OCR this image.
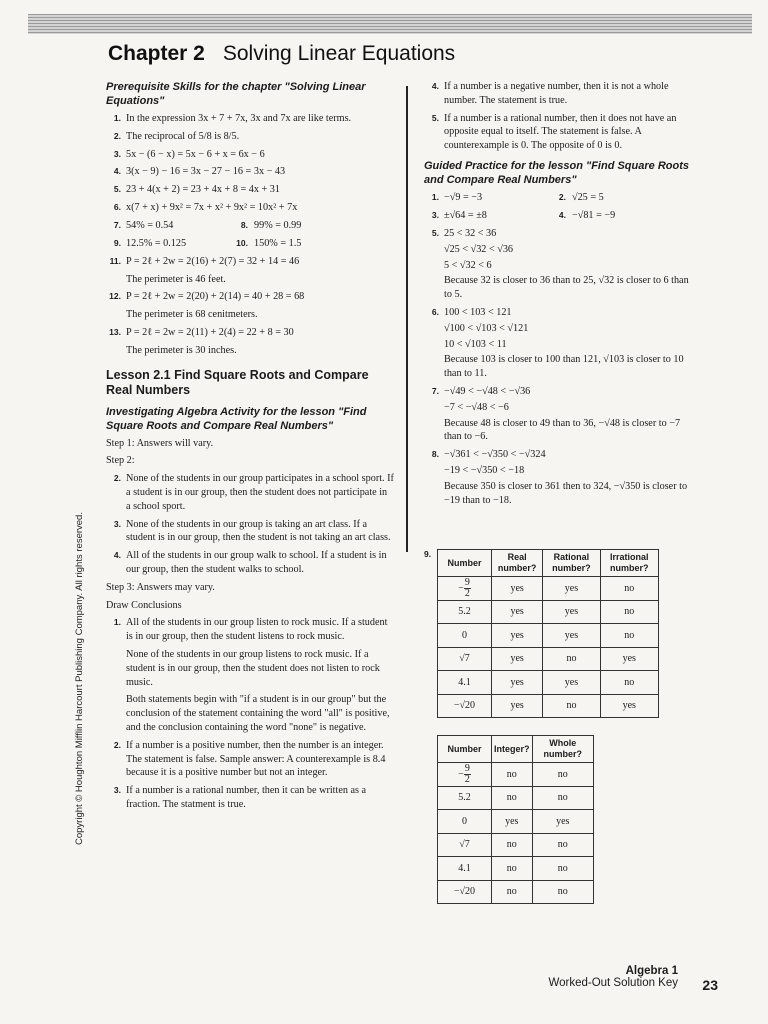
Chapter 2 Solving Linear Equations
Copyright © Houghton Mifflin Harcourt Publishing Company. All rights reserved.
Prerequisite Skills for the chapter "Solving Linear Equations"
1. In the expression 3x + 7 + 7x, 3x and 7x are like terms.
2. The reciprocal of 5/8 is 8/5.
3. 5x − (6 − x) = 5x − 6 + x = 6x − 6
4. 3(x − 9) − 16 = 3x − 27 − 16 = 3x − 43
5. 23 + 4(x + 2) = 23 + 4x + 8 = 4x + 31
6. x(7 + x) + 9x² = 7x + x² + 9x² = 10x² + 7x
7. 54% = 0.54	8. 99% = 0.99
9. 12.5% = 0.125	10. 150% = 1.5
11. P = 2ℓ + 2w = 2(16) + 2(7) = 32 + 14 = 46
The perimeter is 46 feet.
12. P = 2ℓ + 2w = 2(20) + 2(14) = 40 + 28 = 68
The perimeter is 68 cenitmeters.
13. P = 2ℓ = 2w = 2(11) + 2(4) = 22 + 8 = 30
The perimeter is 30 inches.
Lesson 2.1 Find Square Roots and Compare Real Numbers
Investigating Algebra Activity for the lesson "Find Square Roots and Compare Real Numbers"
Step 1: Answers will vary.
Step 2:
2. None of the students in our group participates in a school sport. If a student is in our group, then the student does not participate in a school sport.
3. None of the students in our group is taking an art class. If a student is in our group, then the student is not taking an art class.
4. All of the students in our group walk to school. If a student is in our group, then the student walks to school.
Step 3: Answers may vary.
Draw Conclusions
1. All of the students in our group listen to rock music. If a student is in our group, then the student listens to rock music.
None of the students in our group listens to rock music. If a student is in our group, then the student does not listen to rock music.
Both statements begin with "if a student is in our group" but the conclusion of the statement containing the word "all" is positive, and the conclusion containing the word "none" is negative.
2. If a number is a positive number, then the number is an integer. The statement is false. Sample answer: A counterexample is 8.4 because it is a positive number but not an integer.
3. If a number is a rational number, then it can be written as a fraction. The statment is true.
4. If a number is a negative number, then it is not a whole number. The statement is true.
5. If a number is a rational number, then it does not have an opposite equal to itself. The statement is false. A counterexample is 0. The opposite of 0 is 0.
Guided Practice for the lesson "Find Square Roots and Compare Real Numbers"
1. −√9 = −3	2. √25 = 5
3. ±√64 = ±8	4. −√81 = −9
5. 25 < 32 < 36
√25 < √32 < √36
5 < √32 < 6
Because 32 is closer to 36 than to 25, √32 is closer to 6 than to 5.
6. 100 < 103 < 121
√100 < √103 < √121
10 < √103 < 11
Because 103 is closer to 100 than 121, √103 is closer to 10 than to 11.
7. −√49 < −√48 < −√36
−7 < −√48 < −6
Because 48 is closer to 49 than to 36, −√48 is closer to −7 than to −6.
8. −√361 < −√350 < −√324
−19 < −√350 < −18
Because 350 is closer to 361 then to 324, −√350 is closer to −19 than to −18.
9.
Number	Real number?	Rational number?	Irrational number?
− $\frac{9}{2}$	yes	yes	no
5.2	yes	yes	no
0	yes	yes	no
√7	yes	no	yes
4.1	yes	yes	no
−√20	yes	no	yes
Number	Integer?	Whole number?
− $\frac{9}{2}$	no	no
5.2	no	no
0	yes	yes
√7	no	no
4.1	no	no
−√20	no	no
Algebra 1
Worked-Out Solution Key 23
